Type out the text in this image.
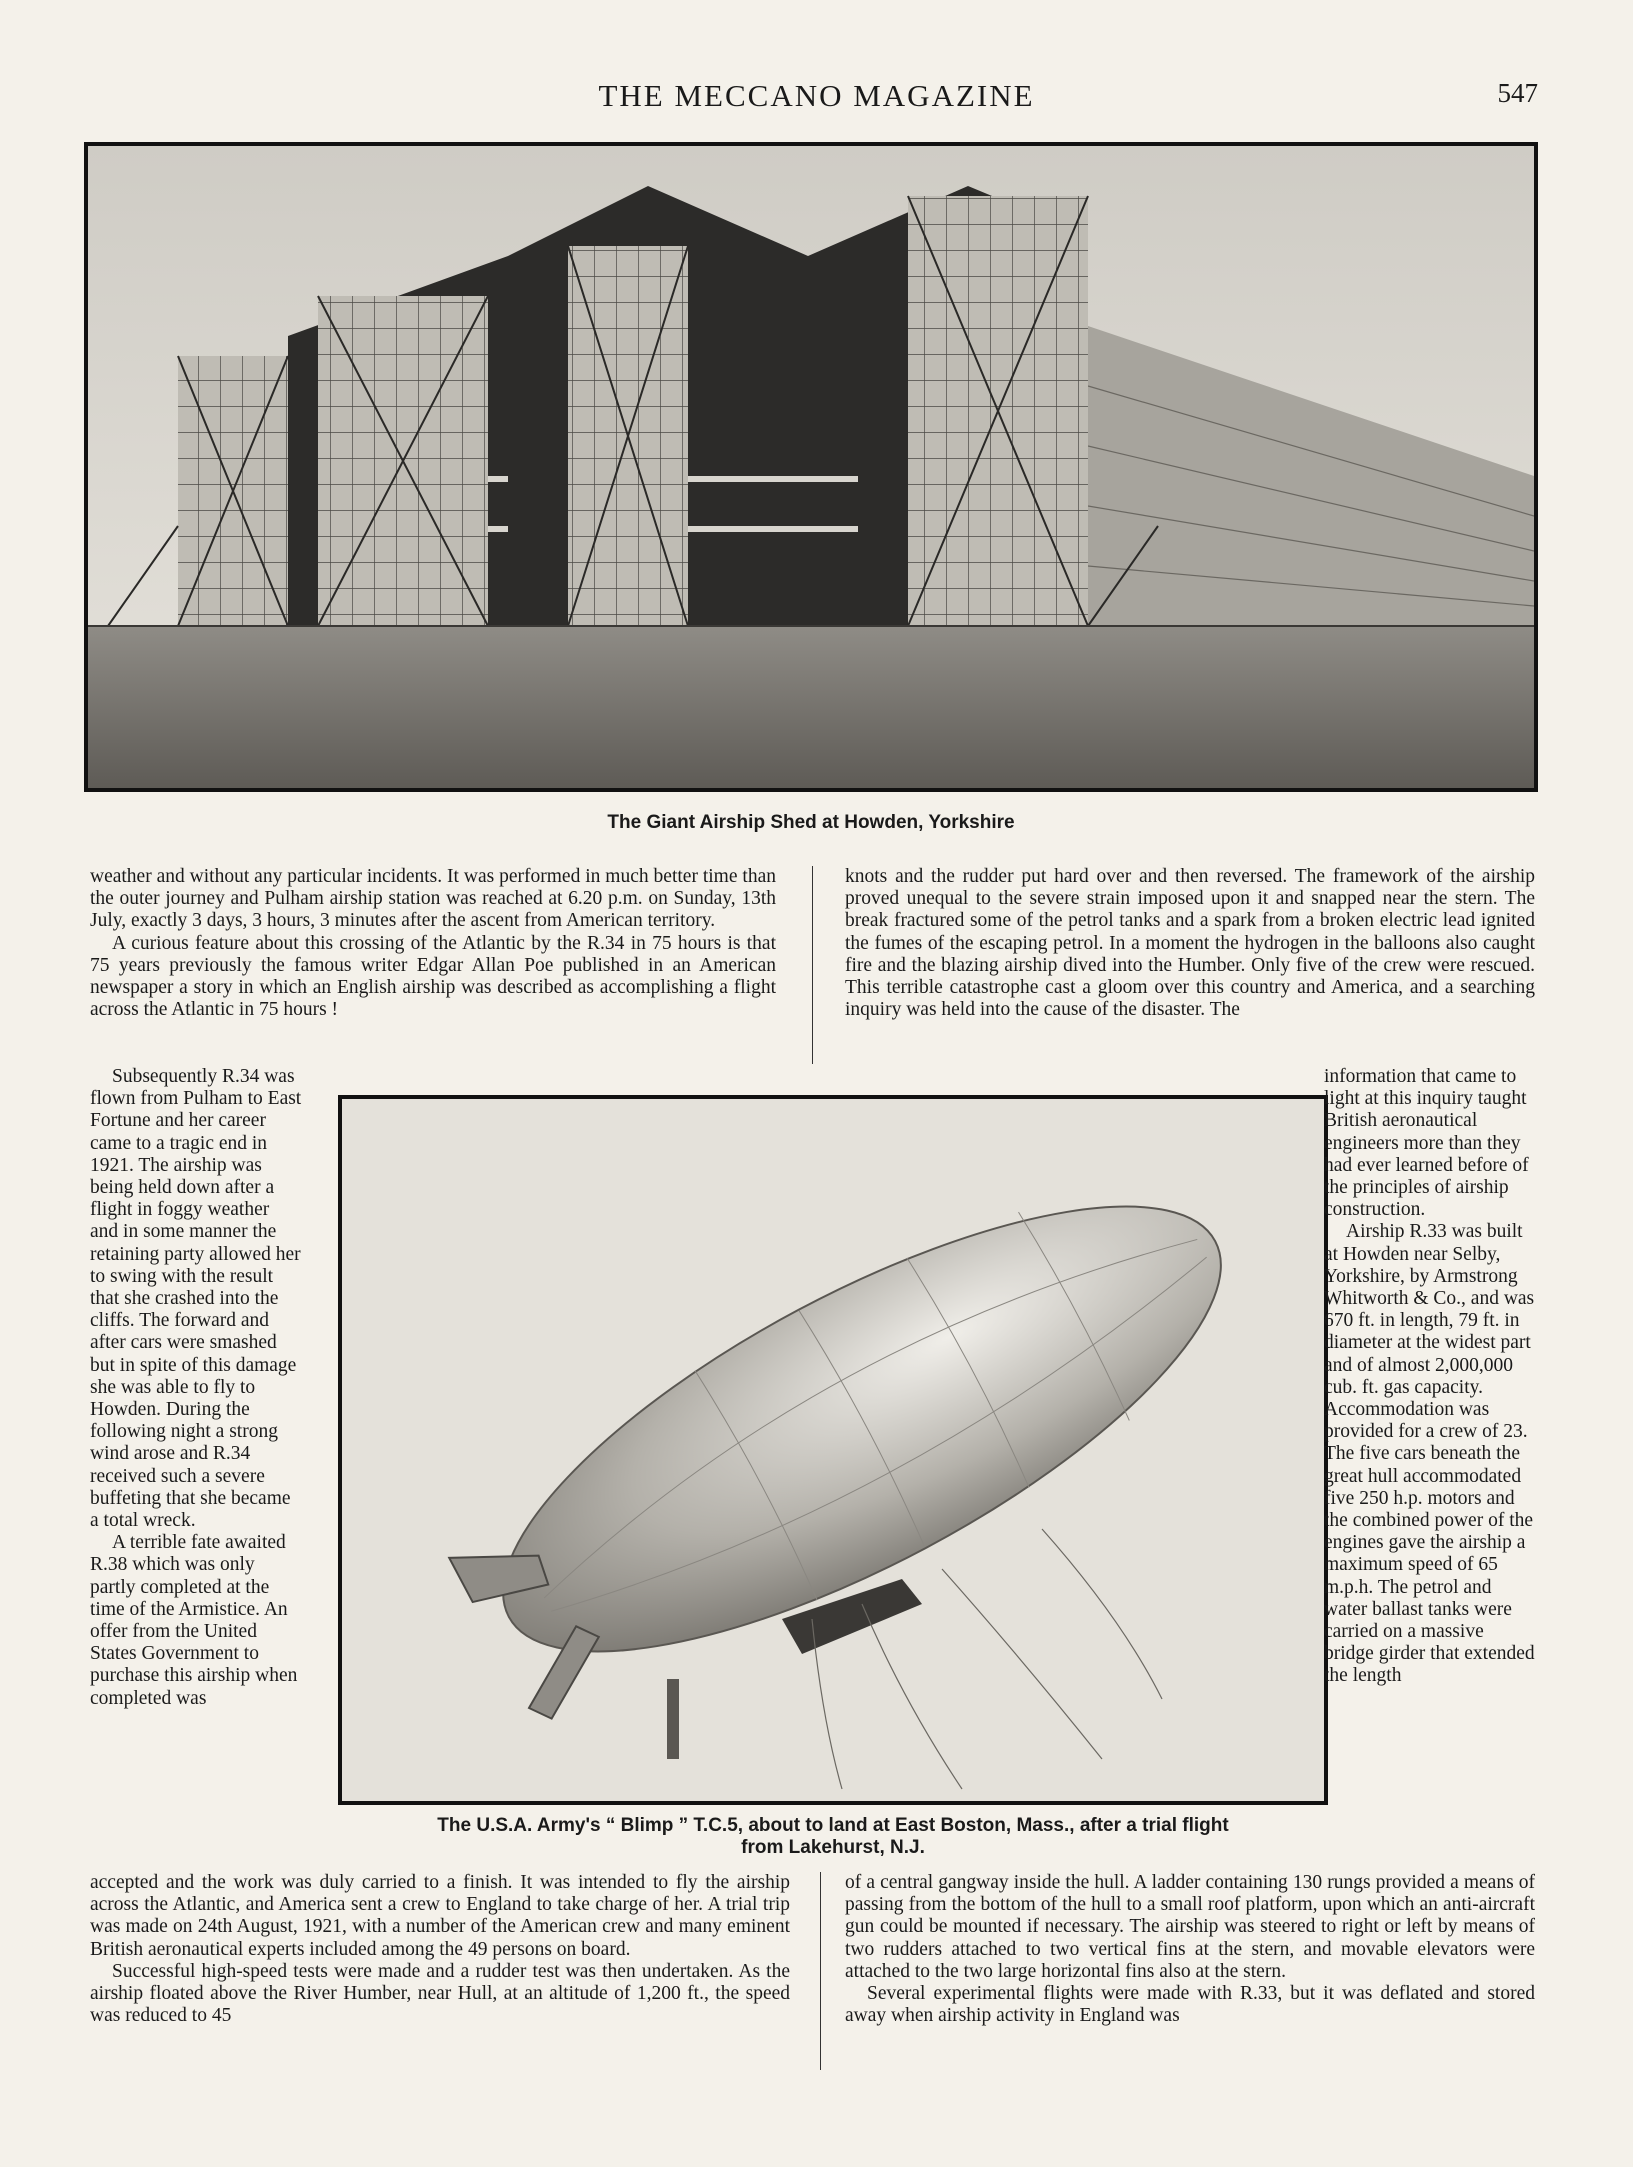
THE MECCANO MAGAZINE	547
The Giant Airship Shed at Howden, Yorkshire

weather and without any particular incidents. It was performed in much better time than the outer journey and Pulham airship station was reached at 6.20 p.m. on Sunday, 13th July, exactly 3 days, 3 hours, 3 minutes after the ascent from American territory.

A curious feature about this crossing of the Atlantic by the R.34 in 75 hours is that 75 years previously the famous writer Edgar Allan Poe published in an American newspaper a story in which an English airship was described as accomplishing a flight across the Atlantic in 75 hours !

knots and the rudder put hard over and then reversed. The framework of the airship proved unequal to the severe strain imposed upon it and snapped near the stern. The break fractured some of the petrol tanks and a spark from a broken electric lead ignited the fumes of the escaping petrol. In a moment the hydrogen in the balloons also caught fire and the blazing airship dived into the Humber. Only five of the crew were rescued. This terrible catastrophe cast a gloom over this country and America, and a searching inquiry was held into the cause of the disaster. The

Subsequently R.34 was flown from Pulham to East Fortune and her career came to a tragic end in 1921. The airship was being held down after a flight in foggy weather and in some manner the retaining party allowed her to swing with the result that she crashed into the cliffs. The forward and after cars were smashed but in spite of this damage she was able to fly to Howden. During the following night a strong wind arose and R.34 received such a severe buffeting that she became a total wreck.

A terrible fate awaited R.38 which was only partly completed at the time of the Armistice. An offer from the United States Government to purchase this airship when completed was

The U.S.A. Army's “ Blimp ” T.C.5, about to land at East Boston, Mass., after a trial flight
from Lakehurst, N.J.

information that came to light at this inquiry taught British aeronautical engineers more than they had ever learned before of the principles of airship construction.

Airship R.33 was built at Howden near Selby, Yorkshire, by Armstrong Whitworth & Co., and was 670 ft. in length, 79 ft. in diameter at the widest part and of almost 2,000,000 cub. ft. gas capacity. Accommodation was provided for a crew of 23. The five cars beneath the great hull accommodated five 250 h.p. motors and the combined power of the engines gave the airship a maximum speed of 65 m.p.h. The petrol and water ballast tanks were carried on a massive bridge girder that extended the length

accepted and the work was duly carried to a finish. It was intended to fly the airship across the Atlantic, and America sent a crew to England to take charge of her. A trial trip was made on 24th August, 1921, with a number of the American crew and many eminent British aeronautical experts included among the 49 persons on board.

Successful high-speed tests were made and a rudder test was then undertaken. As the airship floated above the River Humber, near Hull, at an altitude of 1,200 ft., the speed was reduced to 45

of a central gangway inside the hull. A ladder containing 130 rungs provided a means of passing from the bottom of the hull to a small roof platform, upon which an anti-aircraft gun could be mounted if necessary. The airship was steered to right or left by means of two rudders attached to two vertical fins at the stern, and movable elevators were attached to the two large horizontal fins also at the stern.

Several experimental flights were made with R.33, but it was deflated and stored away when airship activity in England was
